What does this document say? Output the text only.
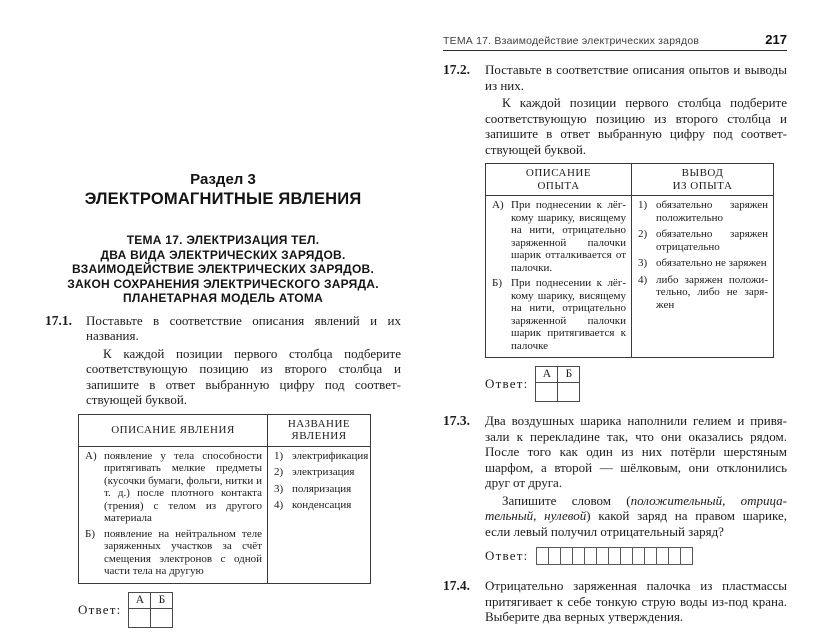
Раздел 3
ЭЛЕКТРОМАГНИТНЫЕ ЯВЛЕНИЯ
ТЕМА 17. ЭЛЕКТРИЗАЦИЯ ТЕЛ.
ДВА ВИДА ЭЛЕКТРИЧЕСКИХ ЗАРЯДОВ.
ВЗАИМОДЕЙСТВИЕ ЭЛЕКТРИЧЕСКИХ ЗАРЯДОВ.
ЗАКОН СОХРАНЕНИЯ ЭЛЕКТРИЧЕСКОГО ЗАРЯДА.
ПЛАНЕТАРНАЯ МОДЕЛЬ АТОМА
17.1.	Поставьте в соответствие описания явлений и их названия.

К каждой позиции первого столбца подберите соответствующую позицию из второго столбца и запишите в ответ выбранную цифру под соответствующей буквой.

ОПИСАНИЕ ЯВЛЕНИЯ	НАЗВАНИЕ
ЯВЛЕНИЯ

А) появление у тела способности притягивать мелкие предметы (кусочки бумаги, фольги, нитки и т. д.) после плотного контакта (трения) с телом из другого материала
Б) появление на нейтральном теле заряженных участков за счёт смещения электронов с одной части тела на другую

1) электрификация
2) электризация
3) поляризация
4) конденсация
Ответ:
А	Б

ТЕМА 17. Взаимодействие электрических зарядов	217
17.2.	Поставьте в соответствие описания опытов и выводы из них.

К каждой позиции первого столбца подберите соответствующую позицию из второго столбца и запишите в ответ выбранную цифру под соответствующей буквой.

ОПИСАНИЕ
ОПЫТА

ВЫВОД
ИЗ ОПЫТА

А) При поднесении к лёгкому шарику, висящему на нити, отрицательно заряженной палочки шарик отталкивается от палочки.
Б) При поднесении к лёгкому шарику, висящему на нити, отрицательно заряженной палочки шарик притягивается к палочке

1) обязательно заряжен положительно
2) обязательно заряжен отрицательно
3) обязательно не заряжен
4) либо заряжен положительно, либо не заряжен
Ответ:
А	Б

17.3.	Два воздушных шарика наполнили гелием и привязали к перекладине так, что они оказались рядом. После того как один из них потёрли шерстяным шарфом, а второй — шёлковым, они отклонились друг от друга.

Запишите словом (положительный, отрицательный, нулевой) какой заряд на правом шарике, если левый получил отрицательный заряд?

Ответ:
17.4.	Отрицательно заряженная палочка из пластмассы притягивает к себе тонкую струю воды из-под крана. Выберите два верных утверждения.
